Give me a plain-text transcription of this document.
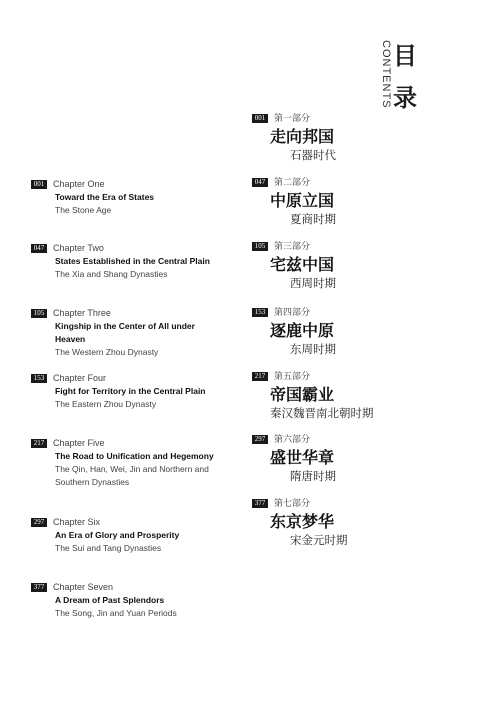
目
录
CONTENTS
001 Chapter One
Toward the Era of States
The Stone Age
047 Chapter Two
States Established in the Central Plain
The Xia and Shang Dynasties
105 Chapter Three
Kingship in the Center of All under Heaven
The Western Zhou Dynasty
153 Chapter Four
Fight for Territory in the Central Plain
The Eastern Zhou Dynasty
217 Chapter Five
The Road to Unification and Hegemony
The Qin, Han, Wei, Jin and Northern and
Southern Dynasties
297 Chapter Six
An Era of Glory and Prosperity
The Sui and Tang Dynasties
377 Chapter Seven
A Dream of Past Splendors
The Song, Jin and Yuan Periods
001 第一部分
走向邦国
石器时代
047 第二部分
中原立国
夏商时期
105 第三部分
宅兹中国
西周时期
153 第四部分
逐鹿中原
东周时期
217 第五部分
帝国霸业
秦汉魏晋南北朝时期
297 第六部分
盛世华章
隋唐时期
377 第七部分
东京梦华
宋金元时期
